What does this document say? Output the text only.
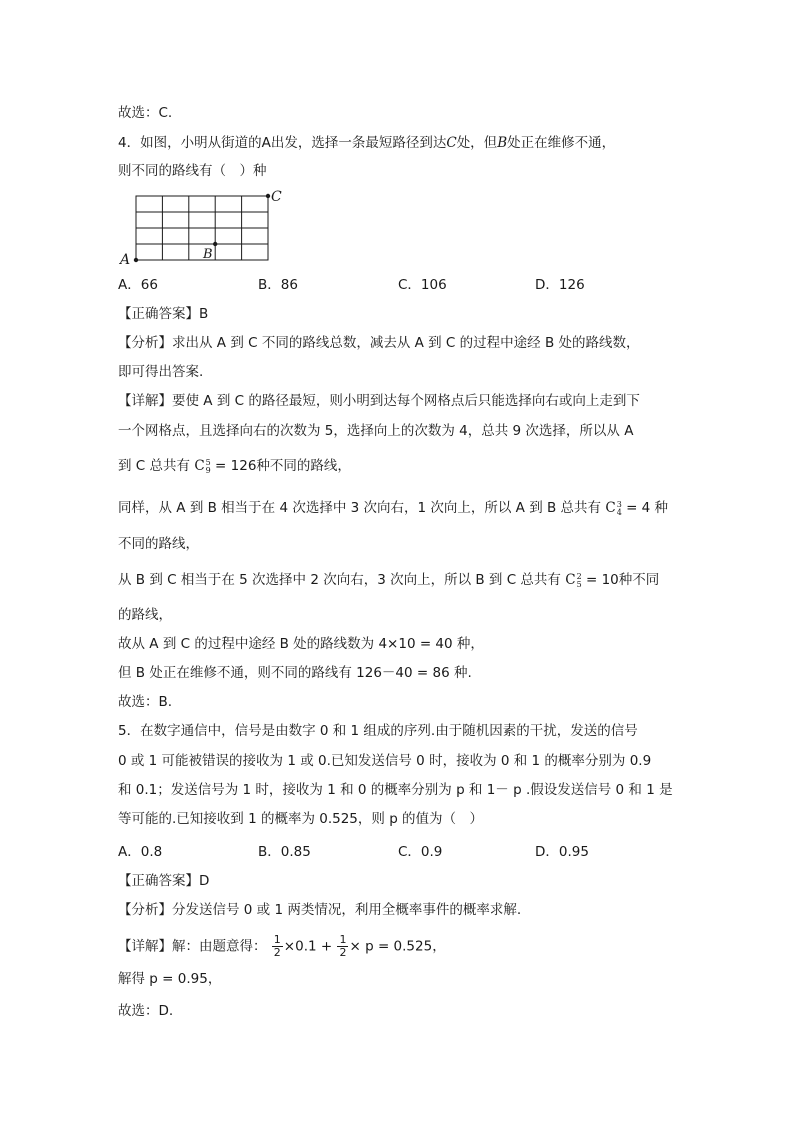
故选：C.
4．如图，小明从街道的A出发，选择一条最短路径到达C处，但B处正在维修不通，
则不同的路线有（　）种
A	B
C
A．66	B．86	C．106	D．126
【正确答案】B
【分析】求出从 A 到 C 不同的路线总数，减去从 A 到 C 的过程中途经 B 处的路线数，
即可得出答案.
【详解】要使 A 到 C 的路径最短，则小明到达每个网格点后只能选择向右或向上走到下
一个网格点，且选择向右的次数为 5，选择向上的次数为 4，总共 9 次选择，所以从 A
到 C 总共有 C 5
9 = 126种不同的路线，
同样，从 A 到 B 相当于在 4 次选择中 3 次向右，1 次向上，所以 A 到 B 总共有 C 3
4 = 4 种
不同的路线，
从 B 到 C 相当于在 5 次选择中 2 次向右，3 次向上，所以 B 到 C 总共有 C 2
5 = 10种不同
的路线，
故从 A 到 C 的过程中途经 B 处的路线数为 4×10 = 40 种，
但 B 处正在维修不通，则不同的路线有 126－40 = 86 种.
故选：B.
5．在数字通信中，信号是由数字 0 和 1 组成的序列.由于随机因素的干扰，发送的信号
0 或 1 可能被错误的接收为 1 或 0.已知发送信号 0 时，接收为 0 和 1 的概率分别为 0.9
和 0.1；发送信号为 1 时，接收为 1 和 0 的概率分别为 p 和 1－ p .假设发送信号 0 和 1 是
等可能的.已知接收到 1 的概率为 0.525，则 p 的值为（　）
A．0.8	B．0.85	C．0.9	D．0.95
【正确答案】D
【分析】分发送信号 0 或 1 两类情况，利用全概率事件的概率求解.
【详解】解：由题意得： $\frac{1}{2} \times 0.1 + \frac{1}{2} \times p = 0.525$，
解得 p = 0.95，
故选：D.
